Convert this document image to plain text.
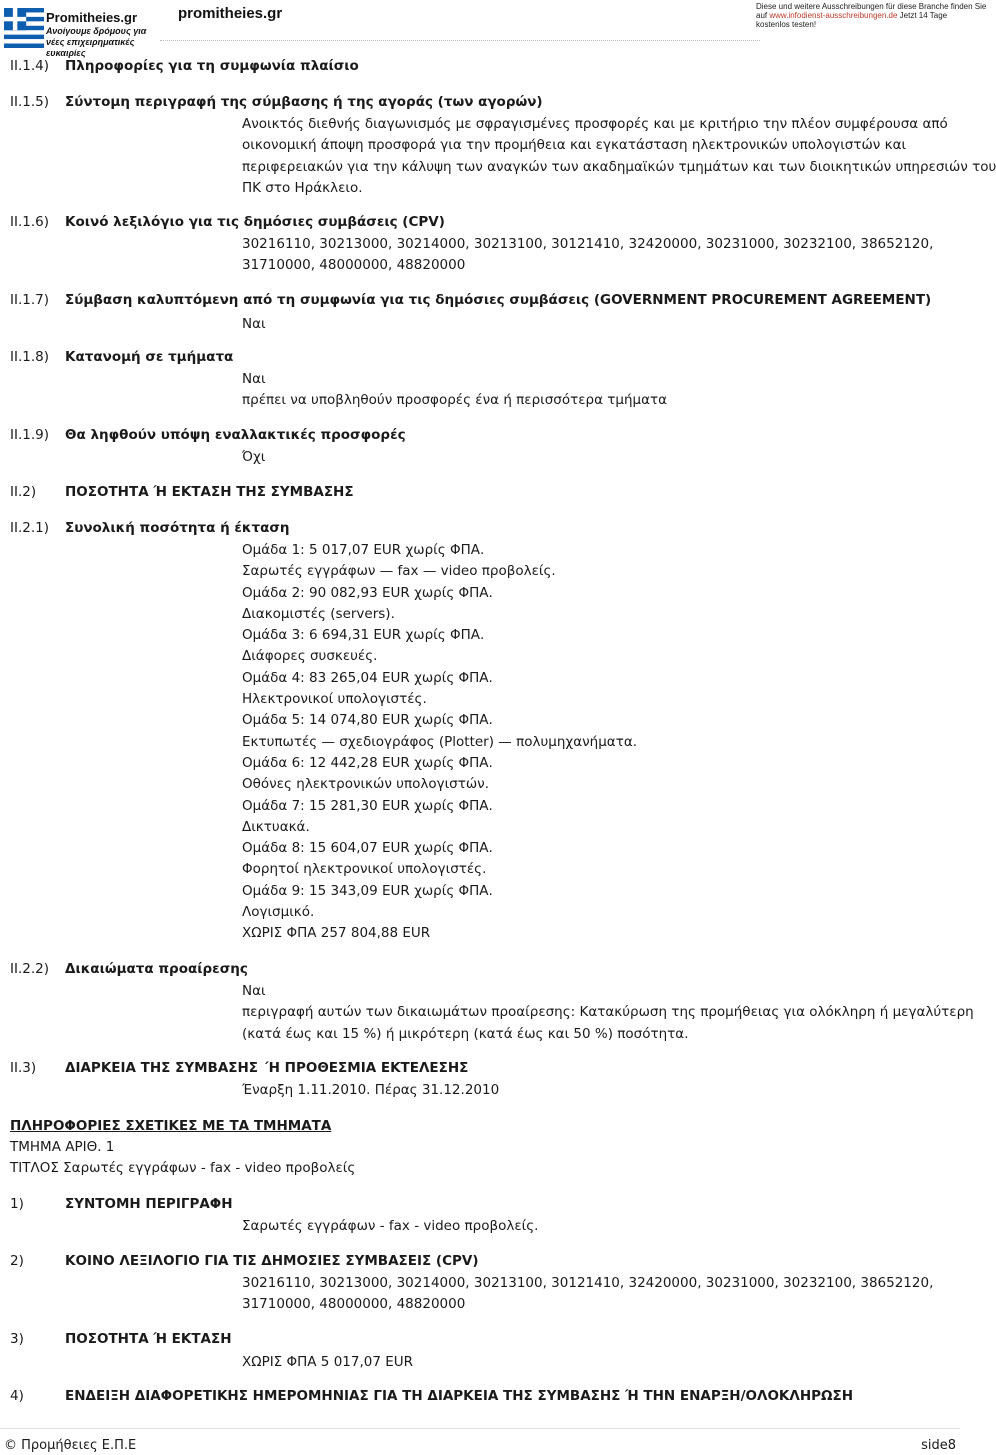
Promitheies.gr
Ανοίγουμε δρόμους για νέες επιχειρηματικές ευκαιρίες
promitheies.gr	Diese und weitere Ausschreibungen für diese Branche finden Sie
auf www.infodienst-ausschreibungen.de Jetzt 14 Tage
kostenlos testen!
II.1.4) Πληροφορίες για τη συμφωνία πλαίσιο
II.1.5) Σύντομη περιγραφή της σύμβασης ή της αγοράς (των αγορών)
Ανοικτός διεθνής διαγωνισμός με σφραγισμένες προσφορές και με κριτήριο την πλέον συμφέρουσα από
οικονομική άποψη προσφορά για την προμήθεια και εγκατάσταση ηλεκτρονικών υπολογιστών και
περιφερειακών για την κάλυψη των αναγκών των ακαδημαϊκών τμημάτων και των διοικητικών υπηρεσιών του
ΠΚ στο Ηράκλειο.
II.1.6) Κοινό λεξιλόγιο για τις δημόσιες συμβάσεις (CPV)
30216110, 30213000, 30214000, 30213100, 30121410, 32420000, 30231000, 30232100, 38652120,
31710000, 48000000, 48820000
II.1.7) Σύμβαση καλυπτόμενη από τη συμφωνία για τις δημόσιες συμβάσεις (GOVERNMENT PROCUREMENT AGREEMENT)
Ναι
II.1.8) Κατανομή σε τμήματα
Ναι
πρέπει να υποβληθούν προσφορές ένα ή περισσότερα τμήματα
II.1.9) Θα ληφθούν υπόψη εναλλακτικές προσφορές
Όχι
II.2) ΠΟΣΟΤΗΤΑ Ή ΕΚΤΑΣΗ ΤΗΣ ΣΥΜΒΑΣΗΣ
II.2.1) Συνολική ποσότητα ή έκταση
Ομάδα 1: 5 017,07 EUR χωρίς ΦΠΑ.
Σαρωτές εγγράφων — fax — video προβολείς.
Ομάδα 2: 90 082,93 EUR χωρίς ΦΠΑ.
Διακομιστές (servers).
Ομάδα 3: 6 694,31 EUR χωρίς ΦΠΑ.
Διάφορες συσκευές.
Ομάδα 4: 83 265,04 EUR χωρίς ΦΠΑ.
Ηλεκτρονικοί υπολογιστές.
Ομάδα 5: 14 074,80 EUR χωρίς ΦΠΑ.
Εκτυπωτές — σχεδιογράφος (Plotter) — πολυμηχανήματα.
Ομάδα 6: 12 442,28 EUR χωρίς ΦΠΑ.
Οθόνες ηλεκτρονικών υπολογιστών.
Ομάδα 7: 15 281,30 EUR χωρίς ΦΠΑ.
Δικτυακά.
Ομάδα 8: 15 604,07 EUR χωρίς ΦΠΑ.
Φορητοί ηλεκτρονικοί υπολογιστές.
Ομάδα 9: 15 343,09 EUR χωρίς ΦΠΑ.
Λογισμικό.
ΧΩΡΙΣ ΦΠΑ 257 804,88 EUR
II.2.2) Δικαιώματα προαίρεσης
Ναι
περιγραφή αυτών των δικαιωμάτων προαίρεσης: Κατακύρωση της προμήθειας για ολόκληρη ή μεγαλύτερη
(κατά έως και 15 %) ή μικρότερη (κατά έως και 50 %) ποσότητα.
II.3) ΔΙΑΡΚΕΙΑ ΤΗΣ ΣΥΜΒΑΣΗΣ ΄Η ΠΡΟΘΕΣΜΙΑ ΕΚΤΕΛΕΣΗΣ
Έναρξη 1.11.2010. Πέρας 31.12.2010
ΠΛΗΡΟΦΟΡΙΕΣ ΣΧΕΤΙΚΕΣ ΜΕ ΤΑ ΤΜΗΜΑΤΑ
ΤΜΗΜΑ ΑΡΙΘ. 1
ΤΙΤΛΟΣ Σαρωτές εγγράφων - fax - video προβολείς
1)	ΣΥΝΤΟΜΗ ΠΕΡΙΓΡΑΦΗ
Σαρωτές εγγράφων - fax - video προβολείς.
2)	ΚΟΙΝΟ ΛΕΞΙΛΟΓΙΟ ΓΙΑ ΤΙΣ ΔΗΜΟΣΙΕΣ ΣΥΜΒΑΣΕΙΣ (CPV)
30216110, 30213000, 30214000, 30213100, 30121410, 32420000, 30231000, 30232100, 38652120,
31710000, 48000000, 48820000
3)	ΠΟΣΟΤΗΤΑ Ή ΕΚΤΑΣΗ
ΧΩΡΙΣ ΦΠΑ 5 017,07 EUR
4)	ΕΝΔΕΙΞΗ ΔΙΑΦΟΡΕΤΙΚΗΣ ΗΜΕΡΟΜΗΝΙΑΣ ΓΙΑ ΤΗ ΔΙΑΡΚΕΙΑ ΤΗΣ ΣΥΜΒΑΣΗΣ Ή ΤΗΝ ΕΝΑΡΞΗ/ΟΛΟΚΛΗΡΩΣΗ
© Προμήθειες Ε.Π.Ε	side8
